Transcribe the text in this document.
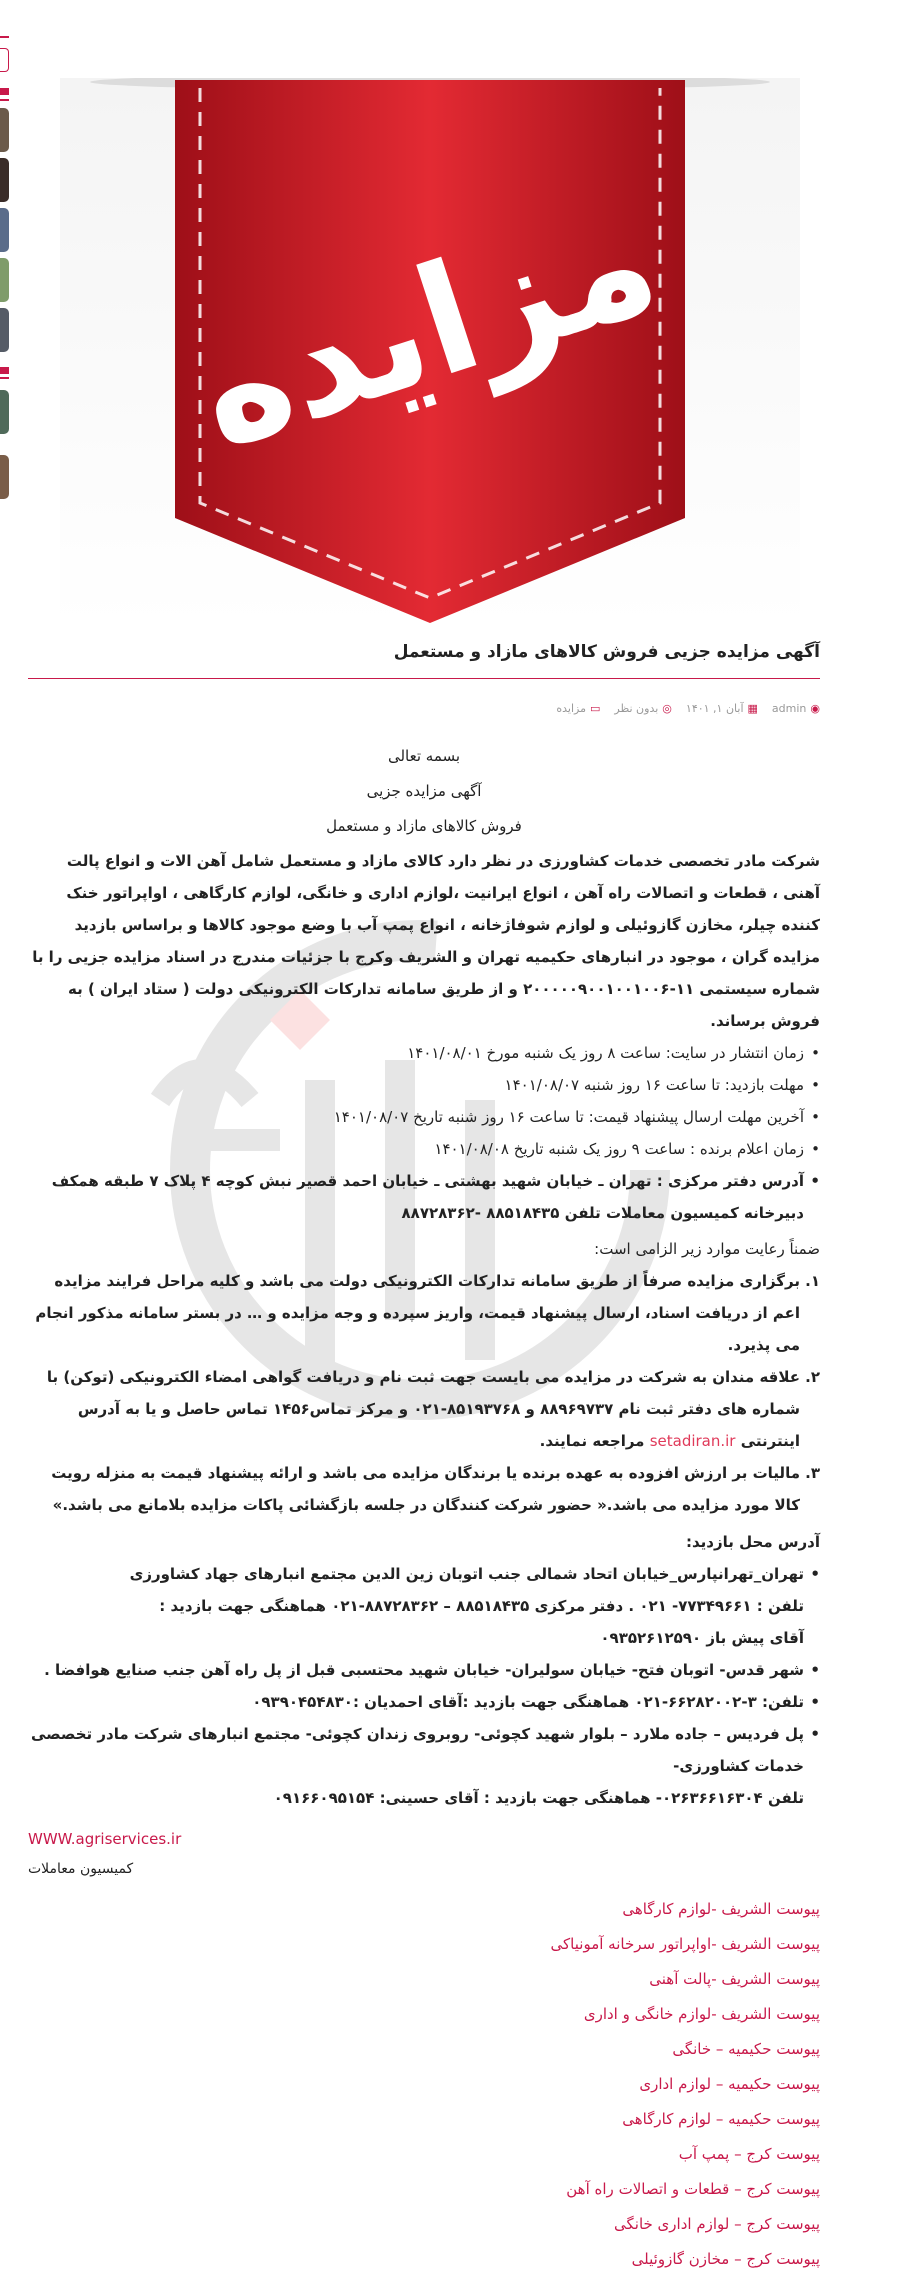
مزایده
آگهی مزایده جزیی فروش کالاهای مازاد و مستعمل
◉admin
▦آبان ۱, ۱۴۰۱
◎بدون نظر
▭مزایده
بسمه تعالی
آگهی مزایده جزیی
فروش کالاهای مازاد و مستعمل
شرکت مادر تخصصی خدمات کشاورزی در نظر دارد کالای مازاد و مستعمل شامل آهن الات و انواع پالت آهنی ، قطعات و اتصالات راه آهن ، انواع ایرانیت ،لوازم اداری و خانگی، لوازم کارگاهی ، اواپراتور خنک کننده چیلر، مخازن گازوئیلی و لوازم شوفاژخانه ، انواع پمپ آب با وضع موجود کالاها و براساس بازدید مزایده گران ، موجود در انبارهای حکیمیه تهران و الشریف وکرج با جزئیات مندرج در اسناد مزایده جزیی را با شماره سیستمی ۱۱-۲۰۰۰۰۰۹۰۰۱۰۰۱۰۰۶ و از طریق سامانه تدارکات الکترونیکی دولت ( ستاد ایران ) به فروش برساند.
• زمان انتشار در سایت: ساعت ۸ روز یک شنبه مورخ ۱۴۰۱/۰۸/۰۱
• مهلت بازدید: تا ساعت ۱۶ روز شنبه ۱۴۰۱/۰۸/۰۷
• آخرین مهلت ارسال پیشنهاد قیمت: تا ساعت ۱۶ روز شنبه تاریخ ۱۴۰۱/۰۸/۰۷
• زمان اعلام برنده : ساعت ۹ روز یک شنبه تاریخ ۱۴۰۱/۰۸/۰۸
• آدرس دفتر مرکزی : تهران ـ خیابان شهید بهشتی ـ خیابان احمد قصیر نبش کوچه ۴ پلاک ۷ طبقه همکف دبیرخانه کمیسیون معاملات تلفن ۸۸۵۱۸۴۳۵ -۸۸۷۲۸۳۶۲
ضمناً رعایت موارد زیر الزامی است:
۱.
برگزاری مزایده صرفاً از طریق سامانه تدارکات الکترونیکی دولت می باشد و کلیه مراحل فرایند مزایده اعم از دریافت اسناد، ارسال پیشنهاد قیمت، واریز سپرده و وجه مزایده و … در بستر سامانه مذکور انجام می پذیرد.
۲.
علاقه مندان به شرکت در مزایده می بایست جهت ثبت نام و دریافت گواهی امضاء الکترونیکی (توکن) با شماره های دفتر ثبت نام ۸۸۹۶۹۷۳۷ و ۸۵۱۹۳۷۶۸-۰۲۱ و مرکز تماس۱۴۵۶ تماس حاصل و یا به آدرس اینترنتی setadiran.ir مراجعه نمایند.
۳.
مالیات بر ارزش افزوده به عهده برنده یا برندگان مزایده می باشد و ارائه پیشنهاد قیمت به منزله رویت کالا مورد مزایده می باشد.« حضور شرکت کنندگان در جلسه بازگشائی پاکات مزایده بلامانع می باشد.»
آدرس محل بازدید:
• تهران_تهرانپارس_خیابان اتحاد شمالی جنب اتوبان زین الدین مجتمع انبارهای جهاد کشاورزی
تلفن : ۷۷۳۴۹۶۶۱- ۰۲۱ . دفتر مرکزی ۸۸۵۱۸۴۳۵ – ۸۸۷۲۸۳۶۲-۰۲۱ هماهنگی جهت بازدید :
آقای پیش باز ۰۹۳۵۲۶۱۲۵۹۰
• شهر قدس- اتوبان فتح- خیابان سولیران- خیابان شهید محتسبی قبل از پل راه آهن جنب صنایع هوافضا .
• تلفن: ۳-۶۶۲۸۲۰۰۲-۰۲۱ هماهنگی جهت بازدید :آقای احمدیان :۰۹۳۹۰۴۵۴۸۳۰
• پل فردیس – جاده ملارد – بلوار شهید کچوئی- روبروی زندان کچوئی- مجتمع انبارهای شرکت مادر تخصصی خدمات کشاورزی-
تلفن ۰۲۶۳۶۶۱۶۳۰۴- هماهنگی جهت بازدید : آقای حسینی: ۰۹۱۶۶۰۹۵۱۵۴
WWW.agriservices.ir
کمیسیون معاملات
پیوست الشریف -لوازم کارگاهی
پیوست الشریف -اواپراتور سرخانه آمونیاکی
پیوست الشریف -پالت آهنی
پیوست الشریف -لوازم خانگی و اداری
پیوست حکیمیه – خانگی
پیوست حکیمیه – لوازم اداری
پیوست حکیمیه – لوازم کارگاهی
پیوست کرج – پمپ آب
پیوست کرج – قطعات و اتصالات راه آهن
پیوست کرج – لوازم اداری خانگی
پیوست کرج – مخازن گازوئیلی
